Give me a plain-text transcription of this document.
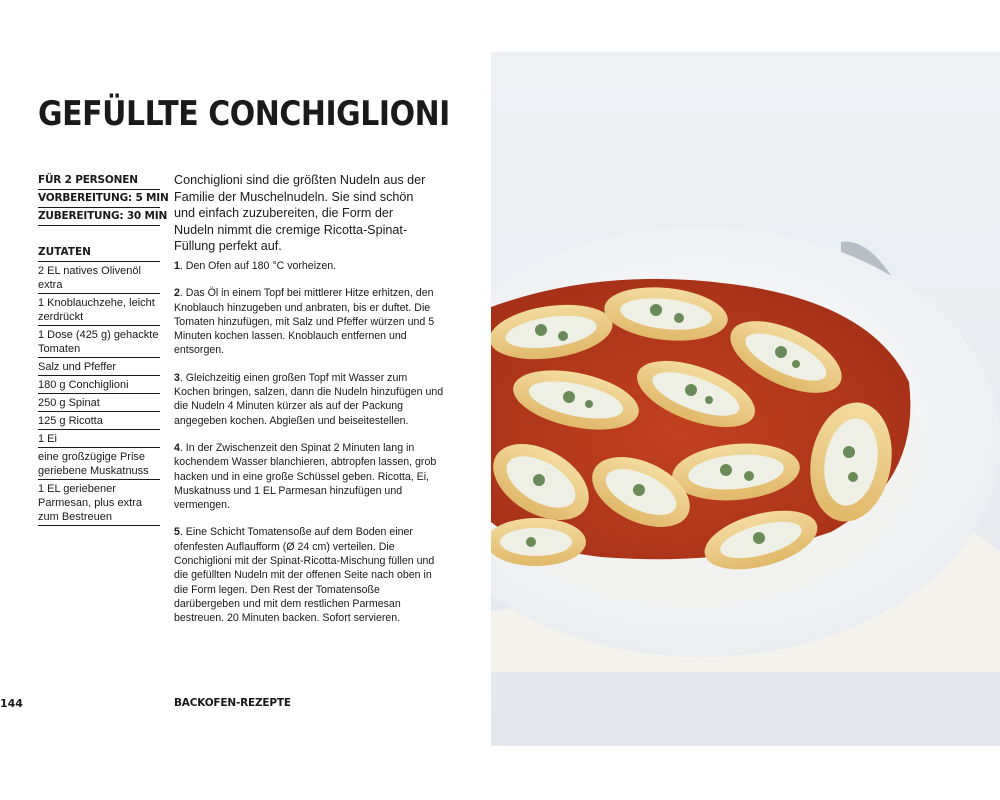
GEFÜLLTE CONCHIGLIONI
FÜR 2 PERSONEN
VORBEREITUNG: 5 MIN
ZUBEREITUNG: 30 MIN
ZUTATEN
2 EL natives Olivenöl extra
1 Knoblauchzehe, leicht zerdrückt
1 Dose (425 g) gehackte Tomaten
Salz und Pfeffer
180 g Conchiglioni
250 g Spinat
125 g Ricotta
1 Ei
eine großzügige Prise geriebene Muskatnuss
1 EL geriebener Parmesan, plus extra zum Bestreuen
Conchiglioni sind die größten Nudeln aus der Familie der Muschelnudeln. Sie sind schön und einfach zuzubereiten, die Form der Nudeln nimmt die cremige Ricotta-Spinat-Füllung perfekt auf.
1. Den Ofen auf 180 °C vorheizen.
2. Das Öl in einem Topf bei mittlerer Hitze erhitzen, den Knoblauch hinzugeben und anbraten, bis er duftet. Die Tomaten hinzufügen, mit Salz und Pfeffer würzen und 5 Minuten kochen lassen. Knoblauch entfernen und entsorgen.
3. Gleichzeitig einen großen Topf mit Wasser zum Kochen bringen, salzen, dann die Nudeln hinzufügen und die Nudeln 4 Minuten kürzer als auf der Packung angegeben kochen. Abgießen und beiseitestellen.
4. In der Zwischenzeit den Spinat 2 Minuten lang in kochendem Wasser blanchieren, abtropfen lassen, grob hacken und in eine große Schüssel geben. Ricotta, Ei, Muskatnuss und 1 EL Parmesan hinzufügen und vermengen.
5. Eine Schicht Tomatensoße auf dem Boden einer ofenfesten Auflaufform (Ø 24 cm) verteilen. Die Conchiglioni mit der Spinat-Ricotta-Mischung füllen und die gefüllten Nudeln mit der offenen Seite nach oben in die Form legen. Den Rest der Tomatensoße darübergeben und mit dem restlichen Parmesan bestreuen. 20 Minuten backen. Sofort servieren.
144	BACKOFEN-REZEPTE
